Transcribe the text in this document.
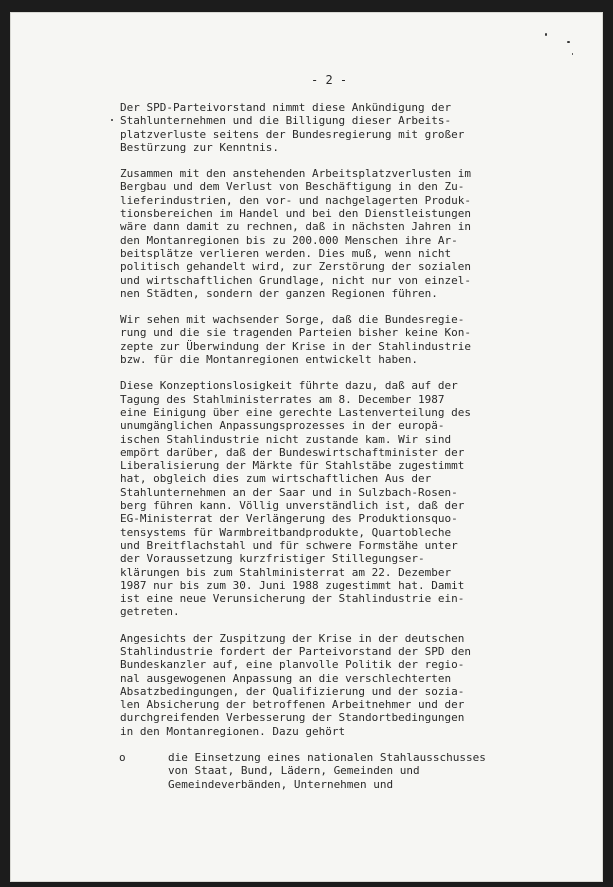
- 2 -
Der SPD-Parteivorstand nimmt diese Ankündigung der
Stahlunternehmen und die Billigung dieser Arbeits-
platzverluste seitens der Bundesregierung mit großer
Bestürzung zur Kenntnis.
Zusammen mit den anstehenden Arbeitsplatzverlusten im
Bergbau und dem Verlust von Beschäftigung in den Zu-
lieferindustrien, den vor- und nachgelagerten Produk-
tionsbereichen im Handel und bei den Dienstleistungen
wäre dann damit zu rechnen, daß in nächsten Jahren in
den Montanregionen bis zu 200.000 Menschen ihre Ar-
beitsplätze verlieren werden. Dies muß, wenn nicht
politisch gehandelt wird, zur Zerstörung der sozialen
und wirtschaftlichen Grundlage, nicht nur von einzel-
nen Städten, sondern der ganzen Regionen führen.
Wir sehen mit wachsender Sorge, daß die Bundesregie-
rung und die sie tragenden Parteien bisher keine Kon-
zepte zur Überwindung der Krise in der Stahlindustrie
bzw. für die Montanregionen entwickelt haben.
Diese Konzeptionslosigkeit führte dazu, daß auf der
Tagung des Stahlministerrates am 8. December 1987
eine Einigung über eine gerechte Lastenverteilung des
unumgänglichen Anpassungsprozesses in der europä-
ischen Stahlindustrie nicht zustande kam. Wir sind
empört darüber, daß der Bundeswirtschaftminister der
Liberalisierung der Märkte für Stahlstäbe zugestimmt
hat, obgleich dies zum wirtschaftlichen Aus der
Stahlunternehmen an der Saar und in Sulzbach-Rosen-
berg führen kann. Völlig unverständlich ist, daß der
EG-Ministerrat der Verlängerung des Produktionsquo-
tensystems für Warmbreitbandprodukte, Quartobleche
und Breitflachstahl und für schwere Formstähe unter
der Voraussetzung kurzfristiger Stillegungser-
klärungen bis zum Stahlministerrat am 22. Dezember
1987 nur bis zum 30. Juni 1988 zugestimmt hat. Damit
ist eine neue Verunsicherung der Stahlindustrie ein-
getreten.
Angesichts der Zuspitzung der Krise in der deutschen
Stahlindustrie fordert der Parteivorstand der SPD den
Bundeskanzler auf, eine planvolle Politik der regio-
nal ausgewogenen Anpassung an die verschlechterten
Absatzbedingungen, der Qualifizierung und der sozia-
len Absicherung der betroffenen Arbeitnehmer und der
durchgreifenden Verbesserung der Standortbedingungen
in den Montanregionen. Dazu gehört
o	die Einsetzung eines nationalen Stahlausschusses
von Staat, Bund, Lädern, Gemeinden und
Gemeindeverbänden, Unternehmen und
